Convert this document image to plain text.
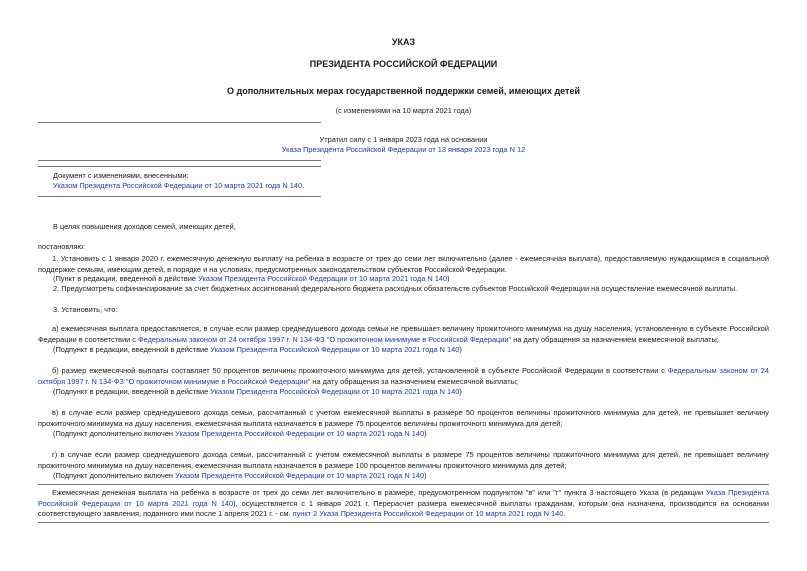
УКАЗ
ПРЕЗИДЕНТА РОССИЙСКОЙ ФЕДЕРАЦИИ
О дополнительных мерах государственной поддержки семей, имеющих детей
(с изменениями на 10 марта 2021 года)
Утратил силу с 1 января 2023 года на основании
Указа Президента Российской Федерации от 13 января 2023 года N 12
Документ с изменениями, внесенными:
Указом Президента Российской Федерации от 10 марта 2021 года N 140.
В целях повышения доходов семей, имеющих детей,
постановляю:
1. Установить с 1 января 2020 г. ежемесячную денежную выплату на ребенка в возрасте от трех до семи лет включительно (далее - ежемесячная выплата), предоставляемую нуждающимся в социальной поддержке семьям, имеющим детей, в порядке и на условиях, предусмотренных законодательством субъектов Российской Федерации.
(Пункт в редакции, введенной в действие Указом Президента Российской Федерации от 10 марта 2021 года N 140)
2. Предусмотреть софинансирование за счет бюджетных ассигнований федерального бюджета расходных обязательств субъектов Российской Федерации на осуществление ежемесячной выплаты.
3. Установить, что:
а) ежемесячная выплата предоставляется, в случае если размер среднедушевого дохода семьи не превышает величину прожиточного минимума на душу населения, установленную в субъекте Российской Федерации в соответствии с Федеральным законом от 24 октября 1997 г. N 134-ФЗ "О прожиточном минимуме в Российской Федерации" на дату обращения за назначением ежемесячной выплаты;
(Подпункт в редакции, введенной в действие Указом Президента Российской Федерации от 10 марта 2021 года N 140)
б) размер ежемесячной выплаты составляет 50 процентов величины прожиточного минимума для детей, установленной в субъекте Российской Федерации в соответствии с Федеральным законом от 24 октября 1997 г. N 134-ФЗ "О прожиточном минимуме в Российской Федерации" на дату обращения за назначением ежемесячной выплаты;
(Подпункт в редакции, введенной в действие Указом Президента Российской Федерации от 10 марта 2021 года N 140)
в) в случае если размер среднедушевого дохода семьи, рассчитанный с учетом ежемесячной выплаты в размере 50 процентов величины прожиточного минимума для детей, не превышает величину прожиточного минимума на душу населения, ежемесячная выплата назначается в размере 75 процентов величины прожиточного минимума для детей;
(Подпункт дополнительно включен Указом Президента Российской Федерации от 10 марта 2021 года N 140)
г) в случае если размер среднедушевого дохода семьи, рассчитанный с учетом ежемесячной выплаты в размере 75 процентов величины прожиточного минимума для детей, не превышает величину прожиточного минимума на душу населения, ежемесячная выплата назначается в размере 100 процентов величины прожиточного минимума для детей;
(Подпункт дополнительно включен Указом Президента Российской Федерации от 10 марта 2021 года N 140)
Ежемесячная денежная выплата на ребенка в возрасте от трех до семи лет включительно в размере, предусмотренном подпунктом "в" или "г" пункта 3 настоящего Указа (в редакции Указа Президента Российской Федерации от 10 марта 2021 года N 140), осуществляется с 1 января 2021 г. Перерасчет размера ежемесячной выплаты гражданам, которым она назначена, производится на основании соответствующего заявления, поданного ими после 1 апреля 2021 г. - см. пункт 2 Указа Президента Российской Федерации от 10 марта 2021 года N 140.
